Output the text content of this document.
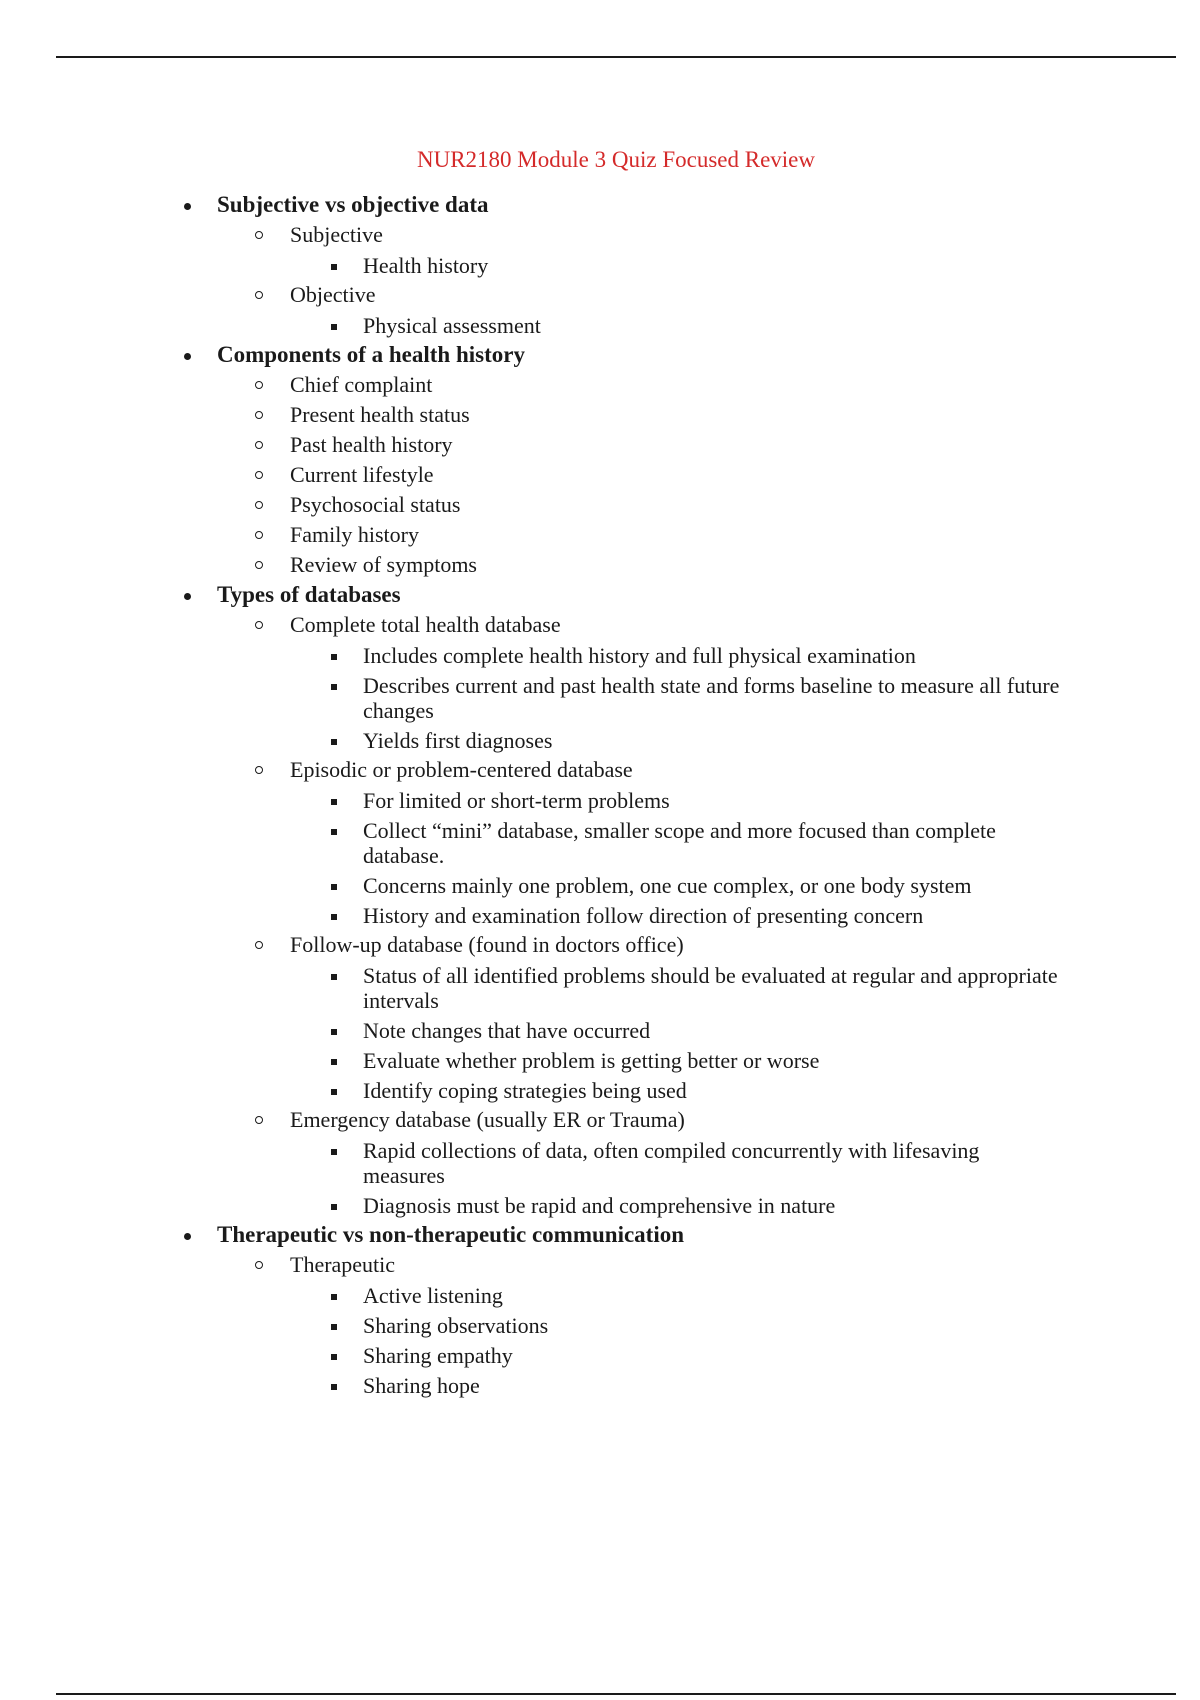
NUR2180 Module 3 Quiz Focused Review
Subjective vs objective data
Subjective
Health history
Objective
Physical assessment
Components of a health history
Chief complaint
Present health status
Past health history
Current lifestyle
Psychosocial status
Family history
Review of symptoms
Types of databases
Complete total health database
Includes complete health history and full physical examination
Describes current and past health state and forms baseline to measure all future changes
Yields first diagnoses
Episodic or problem-centered database
For limited or short-term problems
Collect “mini” database, smaller scope and more focused than complete database.
Concerns mainly one problem, one cue complex, or one body system
History and examination follow direction of presenting concern
Follow-up database (found in doctors office)
Status of all identified problems should be evaluated at regular and appropriate intervals
Note changes that have occurred
Evaluate whether problem is getting better or worse
Identify coping strategies being used
Emergency database (usually ER or Trauma)
Rapid collections of data, often compiled concurrently with lifesaving measures
Diagnosis must be rapid and comprehensive in nature
Therapeutic vs non-therapeutic communication
Therapeutic
Active listening
Sharing observations
Sharing empathy
Sharing hope
